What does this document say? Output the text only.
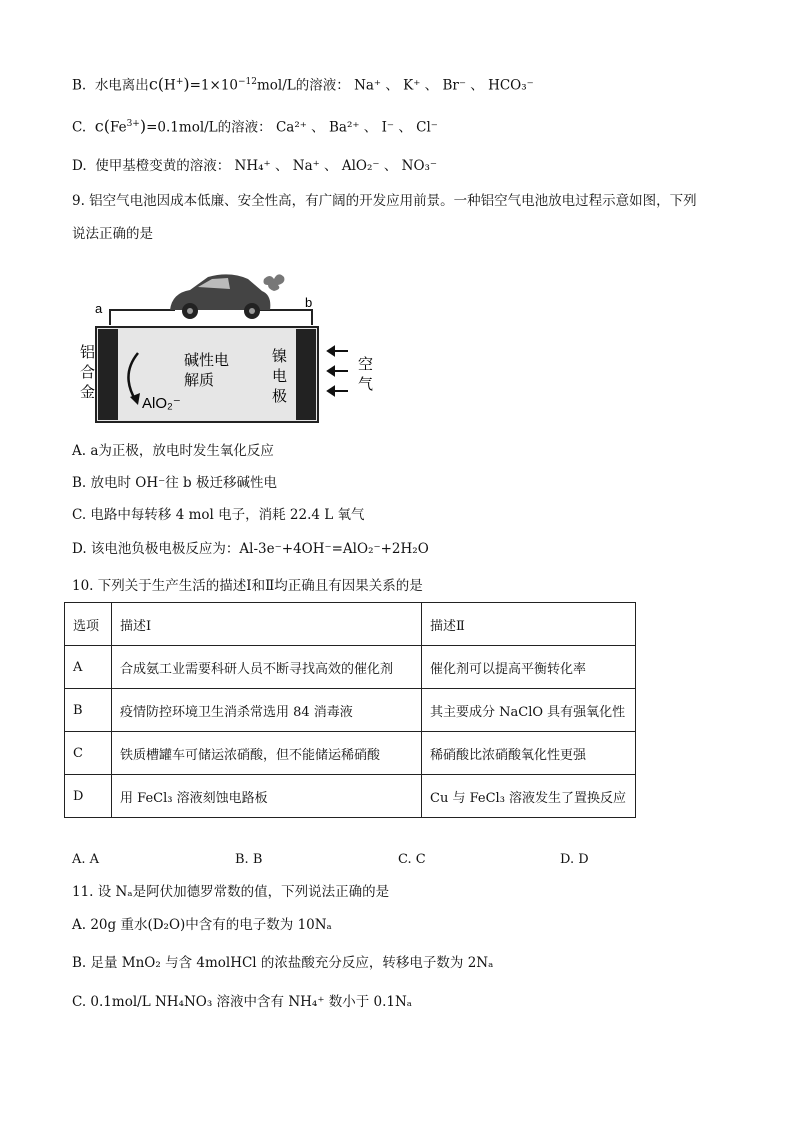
B. 水电离出$c(H^+)=1\times 10^{-12}mol/L$的溶液： Na⁺ 、 K⁺ 、 Br⁻ 、 HCO₃⁻
C. $c(Fe^{3+})=0.1mol/L$的溶液： Ca²⁺ 、 Ba²⁺ 、 I⁻ 、 Cl⁻
D. 使甲基橙变黄的溶液： NH₄⁺ 、 Na⁺ 、 AlO₂⁻ 、 NO₃⁻
9. 铝空气电池因成本低廉、安全性高，有广阔的开发应用前景。一种铝空气电池放电过程示意如图，下列
说法正确的是
a	b
铝
合
金
碱性电
解质
镍
电
极
AlO₂⁻
空
气
A. a为正极，放电时发生氧化反应
B. 放电时 OH⁻往 b 极迁移碱性电
C. 电路中每转移 4 mol 电子，消耗 22.4 L 氧气
D. 该电池负极电极反应为：Al-3e⁻+4OH⁻=AlO₂⁻+2H₂O
10. 下列关于生产生活的描述Ⅰ和Ⅱ均正确且有因果关系的是
选项	描述Ⅰ	描述Ⅱ
A	合成氨工业需要科研人员不断寻找高效的催化剂	催化剂可以提高平衡转化率
B	疫情防控环境卫生消杀常选用 84 消毒液	其主要成分 NaClO 具有强氧化性
C	铁质槽罐车可储运浓硝酸，但不能储运稀硝酸	稀硝酸比浓硝酸氧化性更强
D	用 FeCl₃ 溶液刻蚀电路板	Cu 与 FeCl₃ 溶液发生了置换反应
A. A	B. B	C. C	D. D
11. 设 Nₐ是阿伏加德罗常数的值，下列说法正确的是
A. 20g 重水(D₂O)中含有的电子数为 10Nₐ
B. 足量 MnO₂ 与含 4molHCl 的浓盐酸充分反应，转移电子数为 2Nₐ
C. 0.1mol/L NH₄NO₃ 溶液中含有 NH₄⁺ 数小于 0.1Nₐ
